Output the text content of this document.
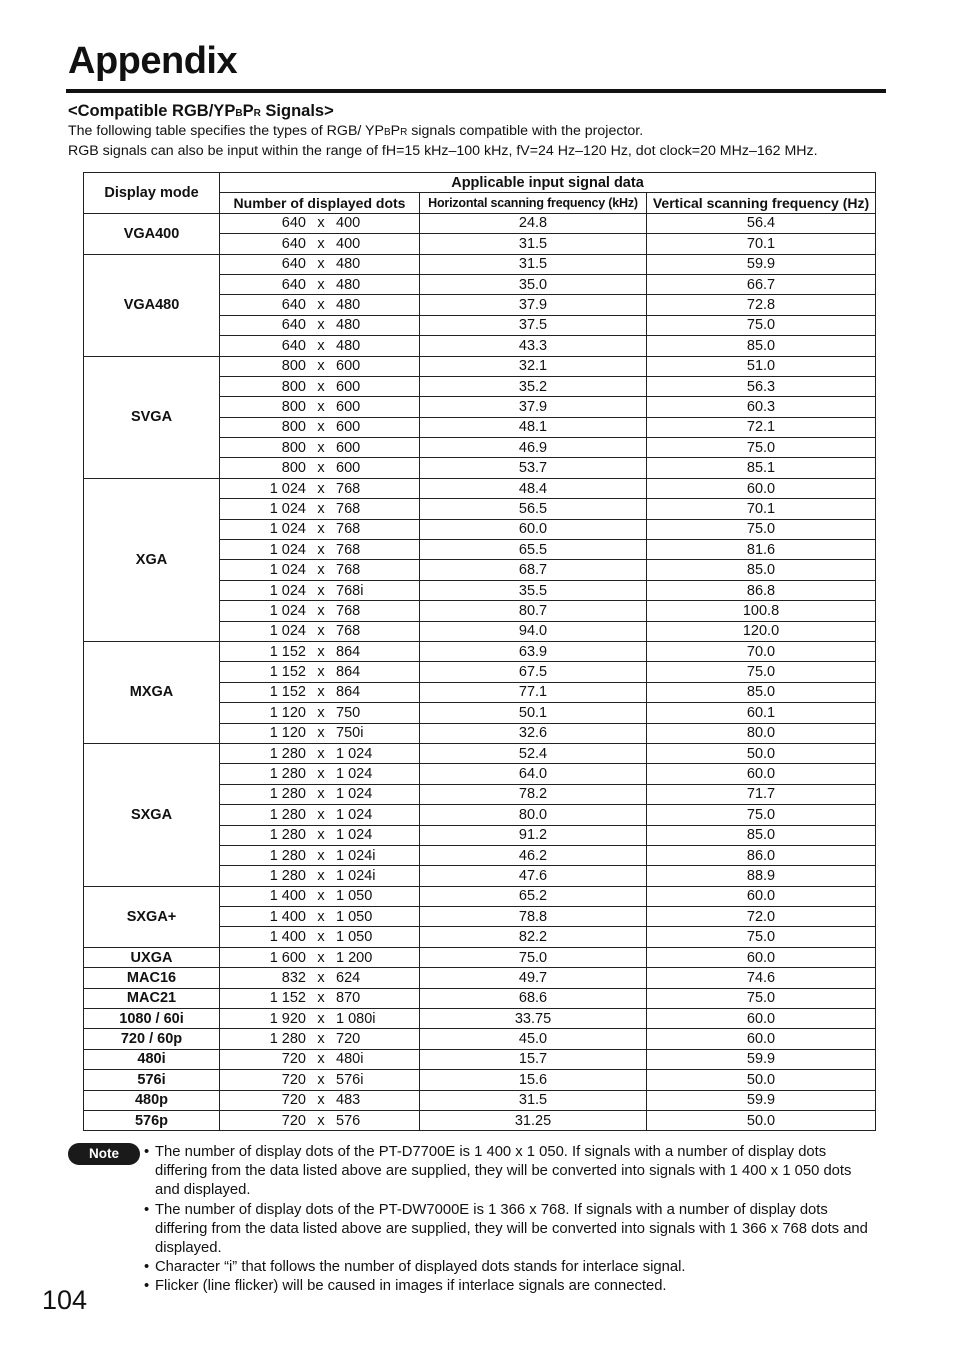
Appendix
<Compatible RGB/YPBPR Signals>

The following table specifies the types of RGB/ YPBPR signals compatible with the projector.

RGB signals can also be input within the range of fH=15 kHz–100 kHz, fV=24 Hz–120 Hz, dot clock=20 MHz–162 MHz.

Display mode	Applicable input signal data		
	Number of displayed dots	Horizontal scanning frequency (kHz)	Vertical scanning frequency (Hz)
VGA400	640 x 400	24.8	56.4
	640 x 400	31.5	70.1
VGA480	640 x 480	31.5	59.9
	640 x 480	35.0	66.7
	640 x 480	37.9	72.8
	640 x 480	37.5	75.0
	640 x 480	43.3	85.0
SVGA	800 x 600	32.1	51.0
	800 x 600	35.2	56.3
	800 x 600	37.9	60.3
	800 x 600	48.1	72.1
	800 x 600	46.9	75.0
	800 x 600	53.7	85.1
XGA	1 024 x 768	48.4	60.0
	1 024 x 768	56.5	70.1
	1 024 x 768	60.0	75.0
	1 024 x 768	65.5	81.6
	1 024 x 768	68.7	85.0
	1 024 x 768i	35.5	86.8
	1 024 x 768	80.7	100.8
	1 024 x 768	94.0	120.0
MXGA	1 152 x 864	63.9	70.0
	1 152 x 864	67.5	75.0
	1 152 x 864	77.1	85.0
	1 120 x 750	50.1	60.1
	1 120 x 750i	32.6	80.0
SXGA	1 280 x 1 024	52.4	50.0
	1 280 x 1 024	64.0	60.0
	1 280 x 1 024	78.2	71.7
	1 280 x 1 024	80.0	75.0
	1 280 x 1 024	91.2	85.0
	1 280 x 1 024i	46.2	86.0
	1 280 x 1 024i	47.6	88.9
SXGA+	1 400 x 1 050	65.2	60.0
	1 400 x 1 050	78.8	72.0
	1 400 x 1 050	82.2	75.0
UXGA	1 600 x 1 200	75.0	60.0
MAC16	832 x 624	49.7	74.6
MAC21	1 152 x 870	68.6	75.0
1080 / 60i	1 920 x 1 080i	33.75	60.0
720 / 60p	1 280 x 720	45.0	60.0
480i	720 x 480i	15.7	59.9
576i	720 x 576i	15.6	50.0
480p	720 x 483	31.5	59.9
576p	720 x 576	31.25	50.0
Note	• The number of display dots of the PT-D7700E is 1 400 x 1 050. If signals with a number of display dots differing from the data listed above are supplied, they will be converted into signals with 1 400 x 1 050 dots and displayed.
• The number of display dots of the PT-DW7000E is 1 366 x 768. If signals with a number of display dots differing from the data listed above are supplied, they will be converted into signals with 1 366 x 768 dots and displayed.
• Character “i” that follows the number of displayed dots stands for interlace signal.
• Flicker (line flicker) will be caused in images if interlace signals are connected.

104
